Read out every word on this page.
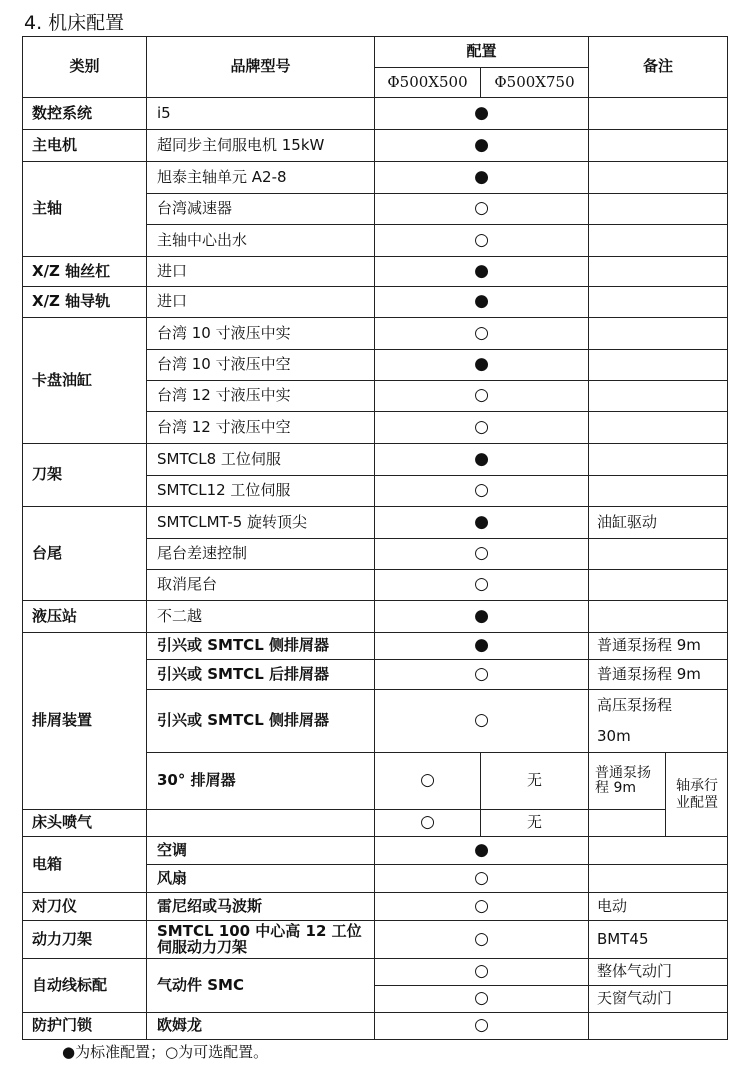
4. 机床配置
类别	品牌型号	配置		备注	
		Φ500X500	Φ500X750		
数控系统	i5	●			
主电机	超同步主伺服电机 15kW	●			
主轴	旭泰主轴单元 A2-8	●			
	台湾减速器	○			
	主轴中心出水	○			
X/Z 轴丝杠	进口	●			
X/Z 轴导轨	进口	●			
卡盘油缸	台湾 10 寸液压中实	○			
	台湾 10 寸液压中空	●			
	台湾 12 寸液压中实	○			
	台湾 12 寸液压中空	○			
刀架	SMTCL8 工位伺服	●			
	SMTCL12 工位伺服	○			
台尾	SMTCLMT-5 旋转顶尖	●		油缸驱动	
	尾台差速控制	○			
	取消尾台	○			
液压站	不二越	●			
排屑装置	引兴或 SMTCL 侧排屑器	●		普通泵扬程 9m	
	引兴或 SMTCL 后排屑器	○		普通泵扬程 9m	
	引兴或 SMTCL 侧排屑器	○		高压泵扬程 30m	

	30° 排屑器	○	无	普通泵扬程 9m	轴承行业配置

床头喷气		○	无		
电箱	空调	●			
	风扇	○			
对刀仪	雷尼绍或马波斯	○		电动	
动力刀架	SMTCL 100 中心高 12 工位伺服动力刀架	○		BMT45	
自动线标配	气动件 SMC	○		整体气动门	
		○		天窗气动门	
防护门锁	欧姆龙	○			
●为标准配置；○为可选配置。
